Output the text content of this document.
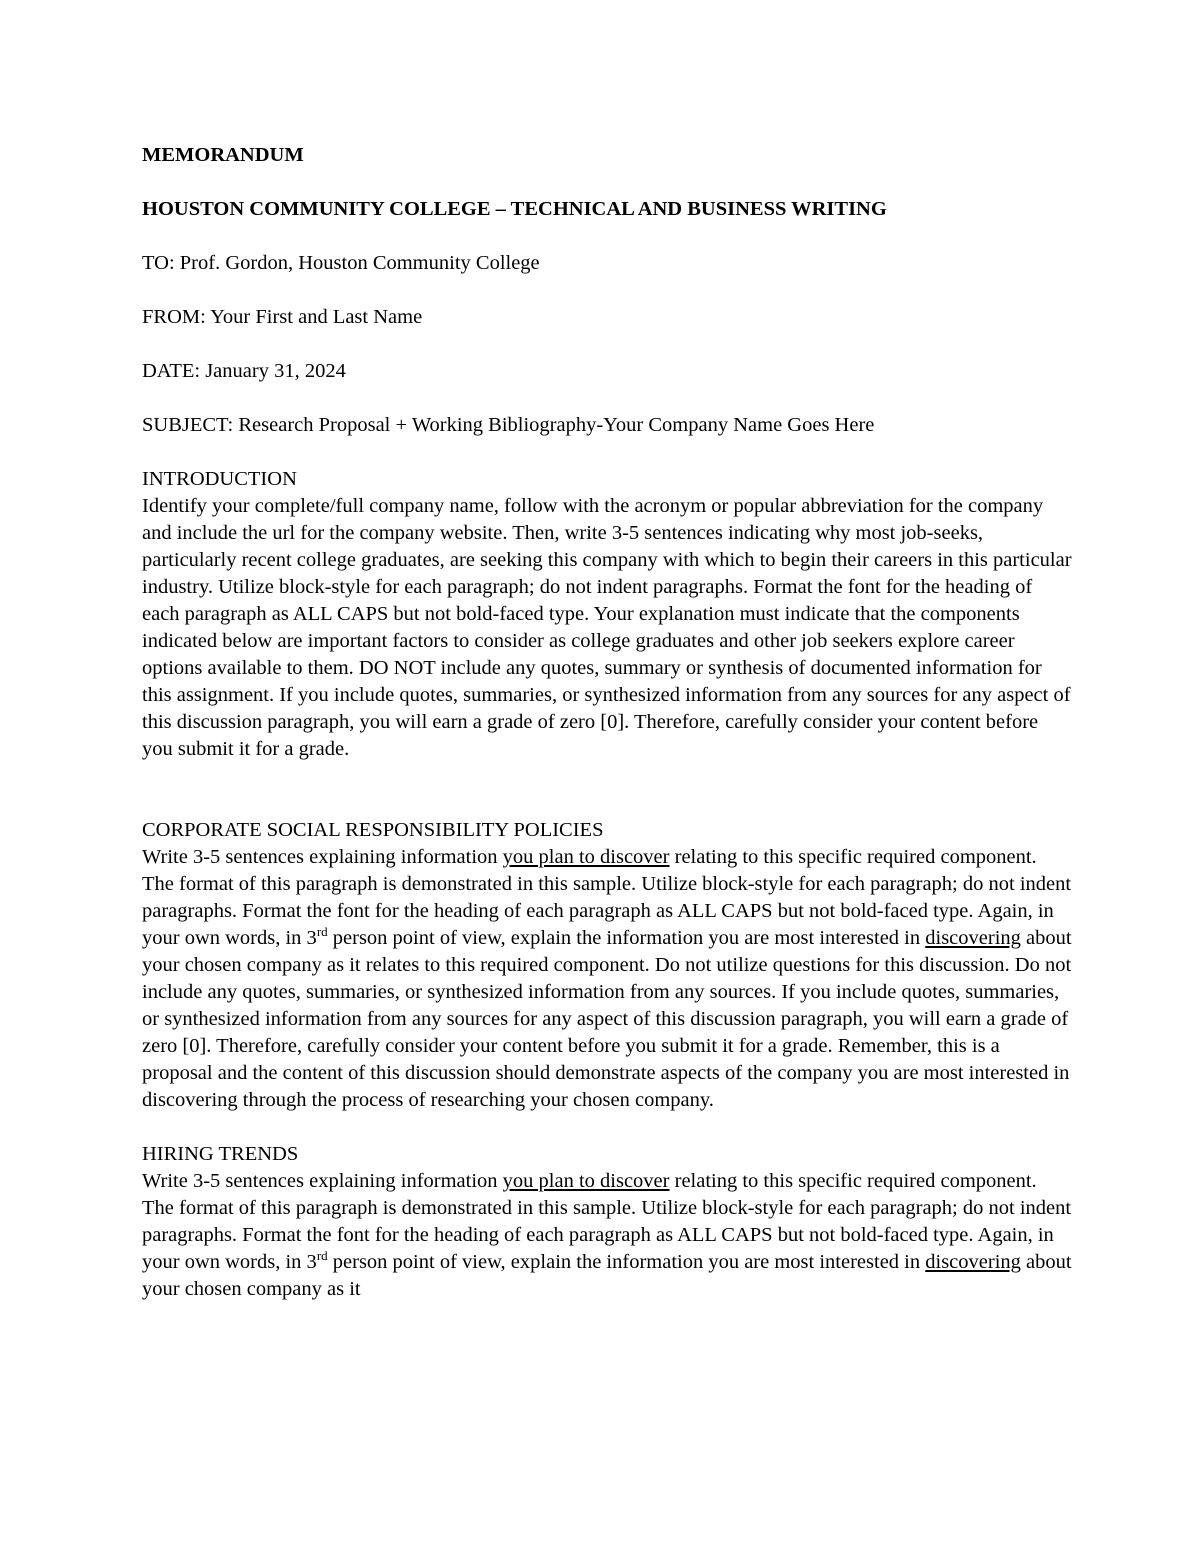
MEMORANDUM

HOUSTON COMMUNITY COLLEGE – TECHNICAL AND BUSINESS WRITING

TO: Prof. Gordon, Houston Community College

FROM: Your First and Last Name

DATE: January 31, 2024

SUBJECT: Research Proposal + Working Bibliography-Your Company Name Goes Here

INTRODUCTION

Identify your complete/full company name, follow with the acronym or popular abbreviation for the company and include the url for the company website. Then, write 3-5 sentences indicating why most job-seeks, particularly recent college graduates, are seeking this company with which to begin their careers in this particular industry. Utilize block-style for each paragraph; do not indent paragraphs. Format the font for the heading of each paragraph as ALL CAPS but not bold-faced type. Your explanation must indicate that the components indicated below are important factors to consider as college graduates and other job seekers explore career options available to them. DO NOT include any quotes, summary or synthesis of documented information for this assignment. If you include quotes, summaries, or synthesized information from any sources for any aspect of this discussion paragraph, you will earn a grade of zero [0]. Therefore, carefully consider your content before you submit it for a grade.

CORPORATE SOCIAL RESPONSIBILITY POLICIES

Write 3-5 sentences explaining information you plan to discover relating to this specific required component. The format of this paragraph is demonstrated in this sample. Utilize block-style for each paragraph; do not indent paragraphs. Format the font for the heading of each paragraph as ALL CAPS but not bold-faced type. Again, in your own words, in 3rd person point of view, explain the information you are most interested in discovering about your chosen company as it relates to this required component. Do not utilize questions for this discussion. Do not include any quotes, summaries, or synthesized information from any sources. If you include quotes, summaries, or synthesized information from any sources for any aspect of this discussion paragraph, you will earn a grade of zero [0]. Therefore, carefully consider your content before you submit it for a grade. Remember, this is a proposal and the content of this discussion should demonstrate aspects of the company you are most interested in discovering through the process of researching your chosen company.

HIRING TRENDS

Write 3-5 sentences explaining information you plan to discover relating to this specific required component. The format of this paragraph is demonstrated in this sample. Utilize block-style for each paragraph; do not indent paragraphs. Format the font for the heading of each paragraph as ALL CAPS but not bold-faced type. Again, in your own words, in 3rd person point of view, explain the information you are most interested in discovering about your chosen company as it
